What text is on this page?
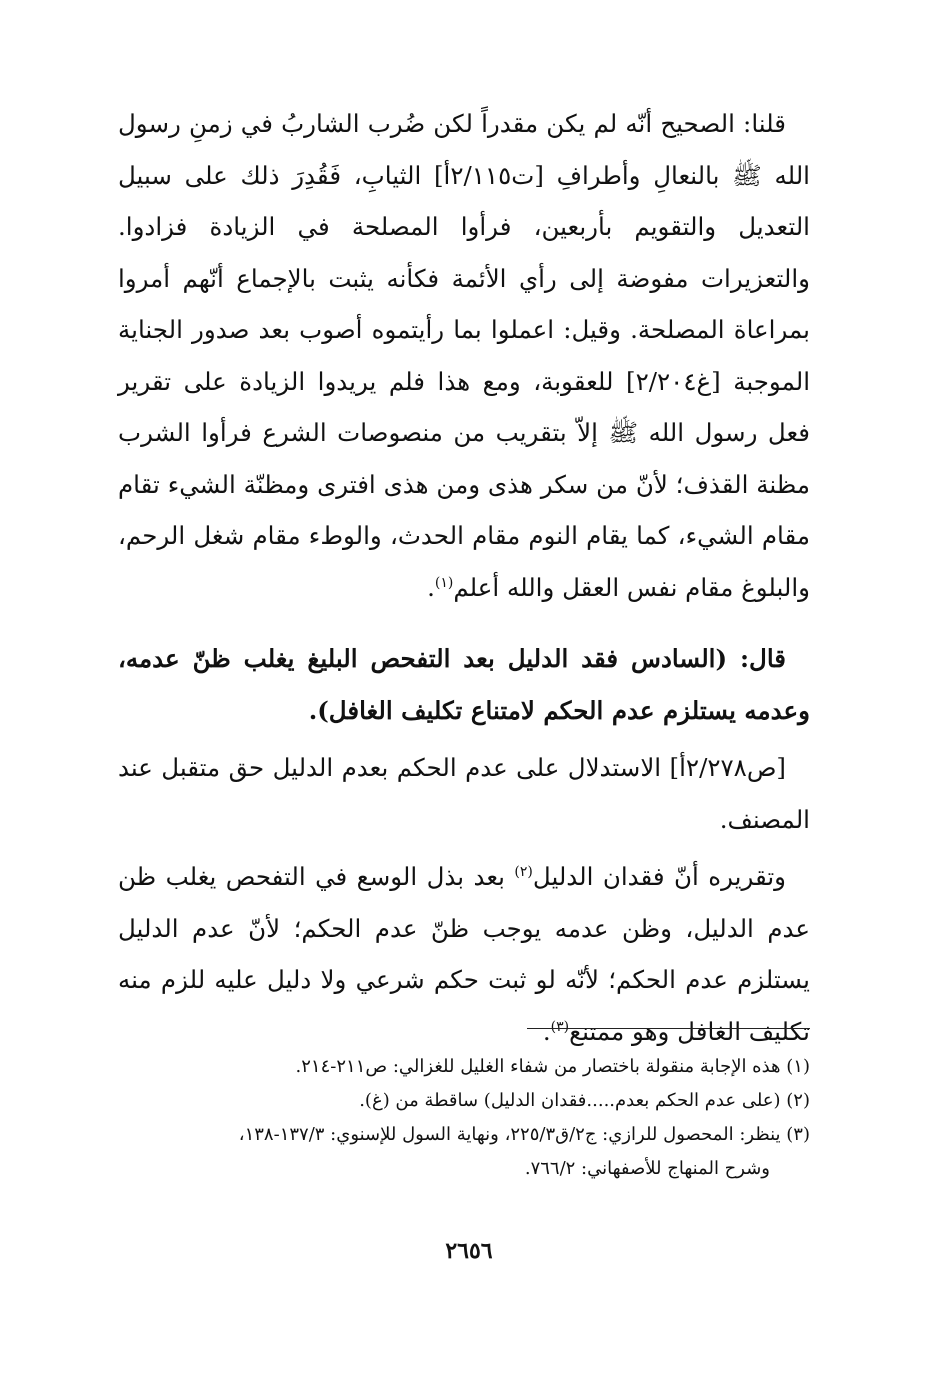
قلنا: الصحيح أنّه لم يكن مقدراً لكن ضُرب الشاربُ في زمنِ رسول الله ﷺ بالنعالِ وأطرافِ [ت٢/١١٥أ] الثيابِ، فَقُدِرَ ذلك على سبيل التعديل والتقويم بأربعين، فرأوا المصلحة في الزيادة فزادوا. والتعزيرات مفوضة إلى رأي الأئمة فكأنه يثبت بالإجماع أنّهم أمروا بمراعاة المصلحة. وقيل: اعملوا بما رأيتموه أصوب بعد صدور الجناية الموجبة [غ٢/٢٠٤] للعقوبة، ومع هذا فلم يريدوا الزيادة على تقرير فعل رسول الله ﷺ إلاّ بتقريب من منصوصات الشرع فرأوا الشرب مظنة القذف؛ لأنّ من سكر هذى ومن هذى افترى ومظنّة الشيء تقام مقام الشيء، كما يقام النوم مقام الحدث، والوطء مقام شغل الرحم، والبلوغ مقام نفس العقل والله أعلم$^{(١)}$.

قال: (السادس فقد الدليل بعد التفحص البليغ يغلب ظنّ عدمه، وعدمه يستلزم عدم الحكم لامتناع تكليف الغافل).

[ص٢/٢٧٨أ] الاستدلال على عدم الحكم بعدم الدليل حق متقبل عند المصنف.

وتقريره أنّ فقدان الدليل$^{(٢)}$ بعد بذل الوسع في التفحص يغلب ظن عدم الدليل، وظن عدمه يوجب ظنّ عدم الحكم؛ لأنّ عدم الدليل يستلزم عدم الحكم؛ لأنّه لو ثبت حكم شرعي ولا دليل عليه للزم منه تكليف الغافل وهو ممتنع$^{(٣)}$.

(١) هذه الإجابة منقولة باختصار من شفاء الغليل للغزالي: ص٢١١-٢١٤.

(٢) (على عدم الحكم بعدم.....فقدان الدليل) ساقطة من (غ).

(٣) ينظر: المحصول للرازي: ج٢/ق٢٢٥/٣، ونهاية السول للإسنوي: ١٣٧/٣-١٣٨،

وشرح المنهاج للأصفهاني: ٧٦٦/٢.

٢٦٥٦
